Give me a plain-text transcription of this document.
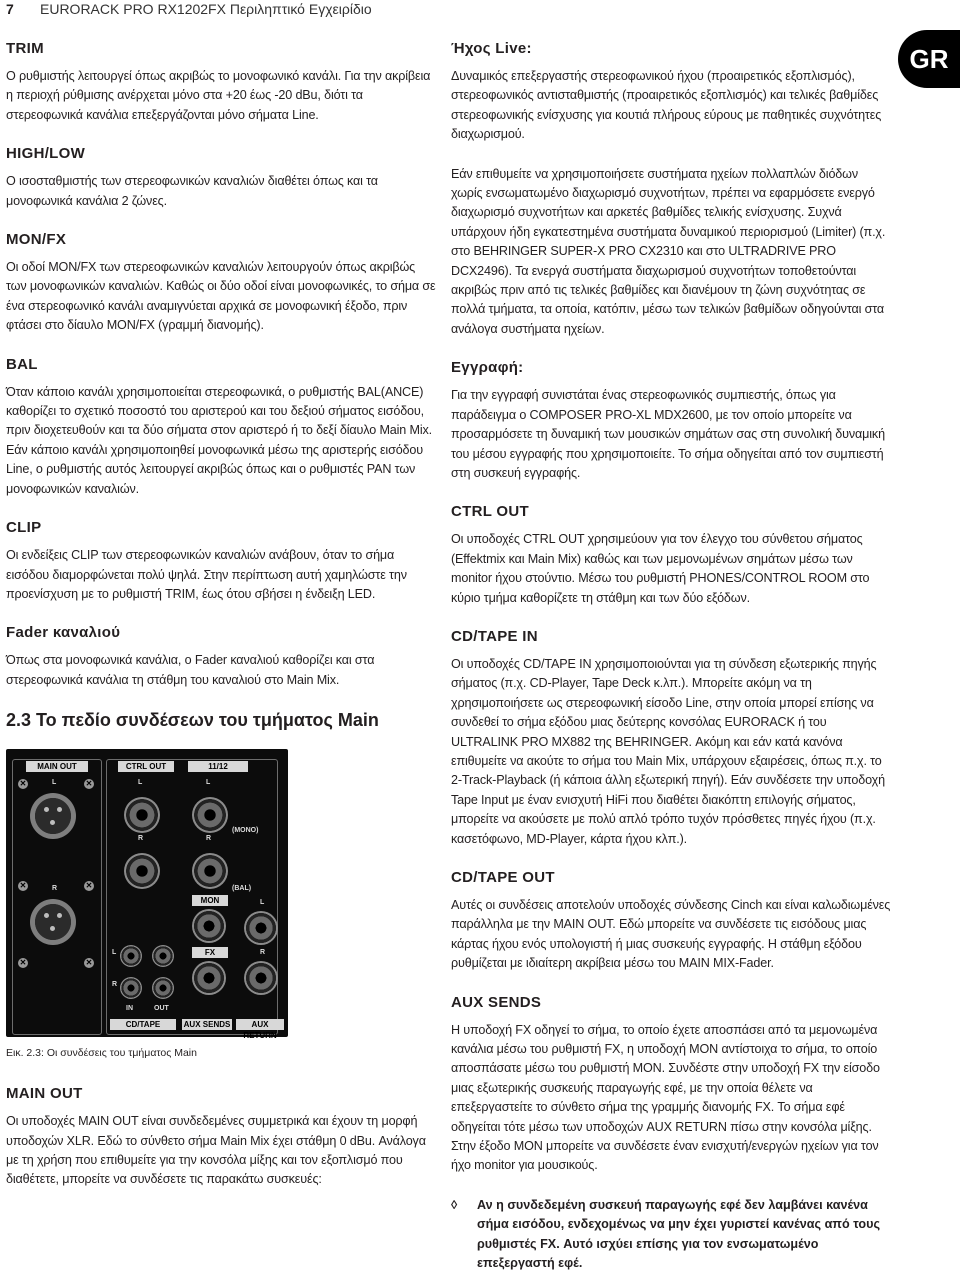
7 EURORACK PRO RX1202FX Περιληπτικό Εγχειρίδιο
GR
TRIM

Ο ρυθμιστής λειτουργεί όπως ακριβώς το μονοφωνικό κανάλι. Για την ακρίβεια η περιοχή ρύθμισης ανέρχεται μόνο στα +20 έως -20 dBu, διότι τα στερεοφωνικά κανάλια επεξεργάζονται μόνο σήματα Line.

HIGH/LOW

Ο ισοσταθμιστής των στερεοφωνικών καναλιών διαθέτει όπως και τα μονοφωνικά κανάλια 2 ζώνες.

MON/FX

Οι οδοί MON/FX των στερεοφωνικών καναλιών λειτουργούν όπως ακριβώς των μονοφωνικών καναλιών. Καθώς οι δύο οδοί είναι μονοφωνικές, το σήμα σε ένα στερεοφωνικό κανάλι αναμιγνύεται αρχικά σε μονοφωνική έξοδο, πριν φτάσει στο δίαυλο MON/FX (γραμμή διανομής).

BAL

Όταν κάποιο κανάλι χρησιμοποιείται στερεοφωνικά, ο ρυθμιστής BAL(ANCE) καθορίζει το σχετικό ποσοστό του αριστερού και του δεξιού σήματος εισόδου, πριν διοχετευθούν και τα δύο σήματα στον αριστερό ή το δεξί δίαυλο Main Mix. Εάν κάποιο κανάλι χρησιμοποιηθεί μονοφωνικά μέσω της αριστερής εισόδου Line, ο ρυθμιστής αυτός λειτουργεί ακριβώς όπως και ο ρυθμιστές PAN των μονοφωνικών καναλιών.

CLIP

Οι ενδείξεις CLIP των στερεοφωνικών καναλιών ανάβουν, όταν το σήμα εισόδου διαμορφώνεται πολύ ψηλά. Στην περίπτωση αυτή χαμηλώστε την προενίσχυση με το ρυθμιστή TRIM, έως ότου σβήσει η ένδειξη LED.

Fader καναλιού

Όπως στα μονοφωνικά κανάλια, ο Fader καναλιού καθορίζει και στα στερεοφωνικά κανάλια τη στάθμη του καναλιού στο Main Mix.

2.3 Το πεδίο συνδέσεων του τμήματος Main
MAIN OUT	CTRL OUT	11/12
✕	✕
✕	✕
✕	✕
L
R
L
R
L
(MONO)
R
(BAL)
MON
FX
L
R
L
R
IN	OUT
CD/TAPE	AUX SENDS	AUX RETURN
Εικ. 2.3: Οι συνδέσεις του τμήματος Main
MAIN OUT

Οι υποδοχές MAIN OUT είναι συνδεδεμένες συμμετρικά και έχουν τη μορφή υποδοχών XLR. Εδώ το σύνθετο σήμα Main Mix έχει στάθμη 0 dBu. Ανάλογα με τη χρήση που επιθυμείτε για την κονσόλα μίξης και τον εξοπλισμό που διαθέτετε, μπορείτε να συνδέσετε τις παρακάτω συσκευές:

Ήχος Live:

Δυναμικός επεξεργαστής στερεοφωνικού ήχου (προαιρετικός εξοπλισμός), στερεοφωνικός αντισταθμιστής (προαιρετικός εξοπλισμός) και τελικές βαθμίδες στερεοφωνικής ενίσχυσης για κουτιά πλήρους εύρους με παθητικές συχνότητες διαχωρισμού.

Εάν επιθυμείτε να χρησιμοποιήσετε συστήματα ηχείων πολλαπλών διόδων χωρίς ενσωματωμένο διαχωρισμό συχνοτήτων, πρέπει να εφαρμόσετε ενεργό διαχωρισμό συχνοτήτων και αρκετές βαθμίδες τελικής ενίσχυσης. Συχνά υπάρχουν ήδη εγκατεστημένα συστήματα δυναμικού περιορισμού (Limiter) (π.χ. στο BEHRINGER SUPER-X PRO CX2310 και στο ULTRADRIVE PRO DCX2496). Τα ενεργά συστήματα διαχωρισμού συχνοτήτων τοποθετούνται ακριβώς πριν από τις τελικές βαθμίδες και διανέμουν τη ζώνη συχνότητας σε πολλά τμήματα, τα οποία, κατόπιν, μέσω των τελικών βαθμίδων οδηγούνται στα ανάλογα συστήματα ηχείων.

Εγγραφή:

Για την εγγραφή συνιστάται ένας στερεοφωνικός συμπιεστής, όπως για παράδειγμα ο COMPOSER PRO-XL MDX2600, με τον οποίο μπορείτε να προσαρμόσετε τη δυναμική των μουσικών σημάτων σας στη συνολική δυναμική του μέσου εγγραφής που χρησιμοποιείτε. Το σήμα οδηγείται από τον συμπιεστή στη συσκευή εγγραφής.

CTRL OUT

Οι υποδοχές CTRL OUT χρησιμεύουν για τον έλεγχο του σύνθετου σήματος (Effektmix και Main Mix) καθώς και των μεμονωμένων σημάτων μέσω των monitor ήχου στούντιο. Μέσω του ρυθμιστή PHONES/CONTROL ROOM στο κύριο τμήμα καθορίζετε τη στάθμη και των δύο εξόδων.

CD/TAPE IN

Οι υποδοχές CD/TAPE IN χρησιμοποιούνται για τη σύνδεση εξωτερικής πηγής σήματος (π.χ. CD-Player, Tape Deck κ.λπ.). Μπορείτε ακόμη να τη χρησιμοποιήσετε ως στερεοφωνική είσοδο Line, στην οποία μπορεί επίσης να συνδεθεί το σήμα εξόδου μιας δεύτερης κονσόλας EURORACK ή του ULTRALINK PRO MX882 της BEHRINGER. Ακόμη και εάν κατά κανόνα επιθυμείτε να ακούτε το σήμα του Main Mix, υπάρχουν εξαιρέσεις, όπως π.χ. το 2-Track-Playback (ή κάποια άλλη εξωτερική πηγή). Εάν συνδέσετε την υποδοχή Tape Input με έναν ενισχυτή HiFi που διαθέτει διακόπτη επιλογής σήματος, μπορείτε να ακούσετε με πολύ απλό τρόπο τυχόν πρόσθετες πηγές ήχου (π.χ. κασετόφωνο, MD-Player, κάρτα ήχου κλπ.).

CD/TAPE OUT

Αυτές οι συνδέσεις αποτελούν υποδοχές σύνδεσης Cinch και είναι καλωδιωμένες παράλληλα με την MAIN OUT. Εδώ μπορείτε να συνδέσετε τις εισόδους μιας κάρτας ήχου ενός υπολογιστή ή μιας συσκευής εγγραφής. Η στάθμη εξόδου ρυθμίζεται με ιδιαίτερη ακρίβεια μέσω του MAIN MIX-Fader.

AUX SENDS

Η υποδοχή FX οδηγεί το σήμα, το οποίο έχετε αποσπάσει από τα μεμονωμένα κανάλια μέσω του ρυθμιστή FX, η υποδοχή MON αντίστοιχα το σήμα, το οποίο αποσπάσατε μέσω του ρυθμιστή MON. Συνδέστε στην υποδοχή FX την είσοδο μιας εξωτερικής συσκευής παραγωγής εφέ, με την οποία θέλετε να επεξεργαστείτε το σύνθετο σήμα της γραμμής διανομής FX. Το σήμα εφέ οδηγείται τότε μέσω των υποδοχών AUX RETURN πίσω στην κονσόλα μίξης. Στην έξοδο MON μπορείτε να συνδέσετε έναν ενισχυτή/ενεργών ηχείων για τον ήχο monitor για μουσικούς.

◊	Αν η συνδεδεμένη συσκευή παραγωγής εφέ δεν λαμβάνει κανένα σήμα εισόδου, ενδεχομένως να μην έχει γυριστεί κανένας από τους ρυθμιστές FX. Αυτό ισχύει επίσης για τον ενσωματωμένο επεξεργαστή εφέ.
